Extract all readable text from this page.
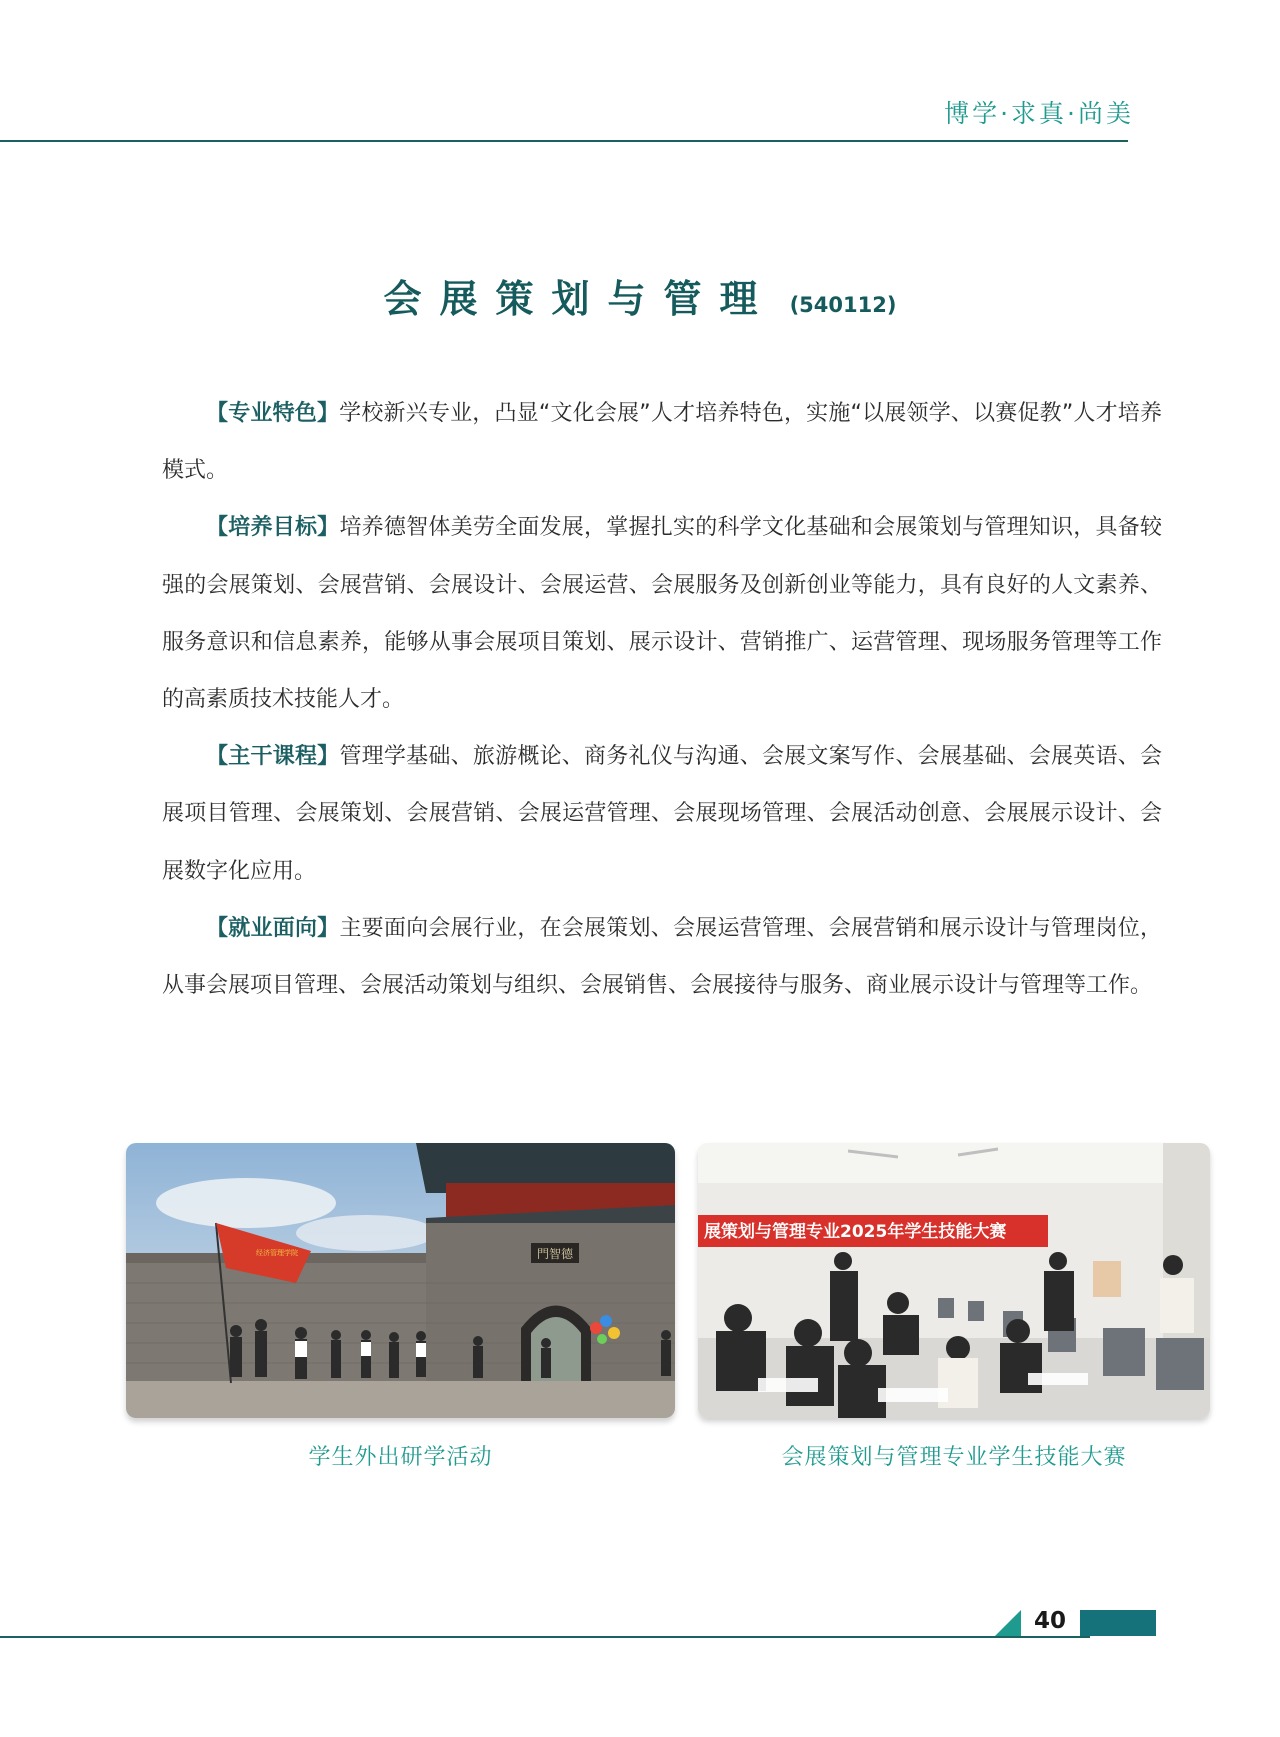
博学·求真·尚美
会展策划与管理 (540112)

【专业特色】学校新兴专业，凸显“文化会展”人才培养特色，实施“以展领学、以赛促教”人才培养模式。

【培养目标】培养德智体美劳全面发展，掌握扎实的科学文化基础和会展策划与管理知识，具备较强的会展策划、会展营销、会展设计、会展运营、会展服务及创新创业等能力，具有良好的人文素养、服务意识和信息素养，能够从事会展项目策划、展示设计、营销推广、运营管理、现场服务管理等工作的高素质技术技能人才。

【主干课程】管理学基础、旅游概论、商务礼仪与沟通、会展文案写作、会展基础、会展英语、会展项目管理、会展策划、会展营销、会展运营管理、会展现场管理、会展活动创意、会展展示设计、会展数字化应用。

【就业面向】主要面向会展行业，在会展策划、会展运营管理、会展营销和展示设计与管理岗位，从事会展项目管理、会展活动策划与组织、会展销售、会展接待与服务、商业展示设计与管理等工作。

門智德
经济管理学院
展策划与管理专业2025年学生技能大赛
学生外出研学活动	会展策划与管理专业学生技能大赛
40
